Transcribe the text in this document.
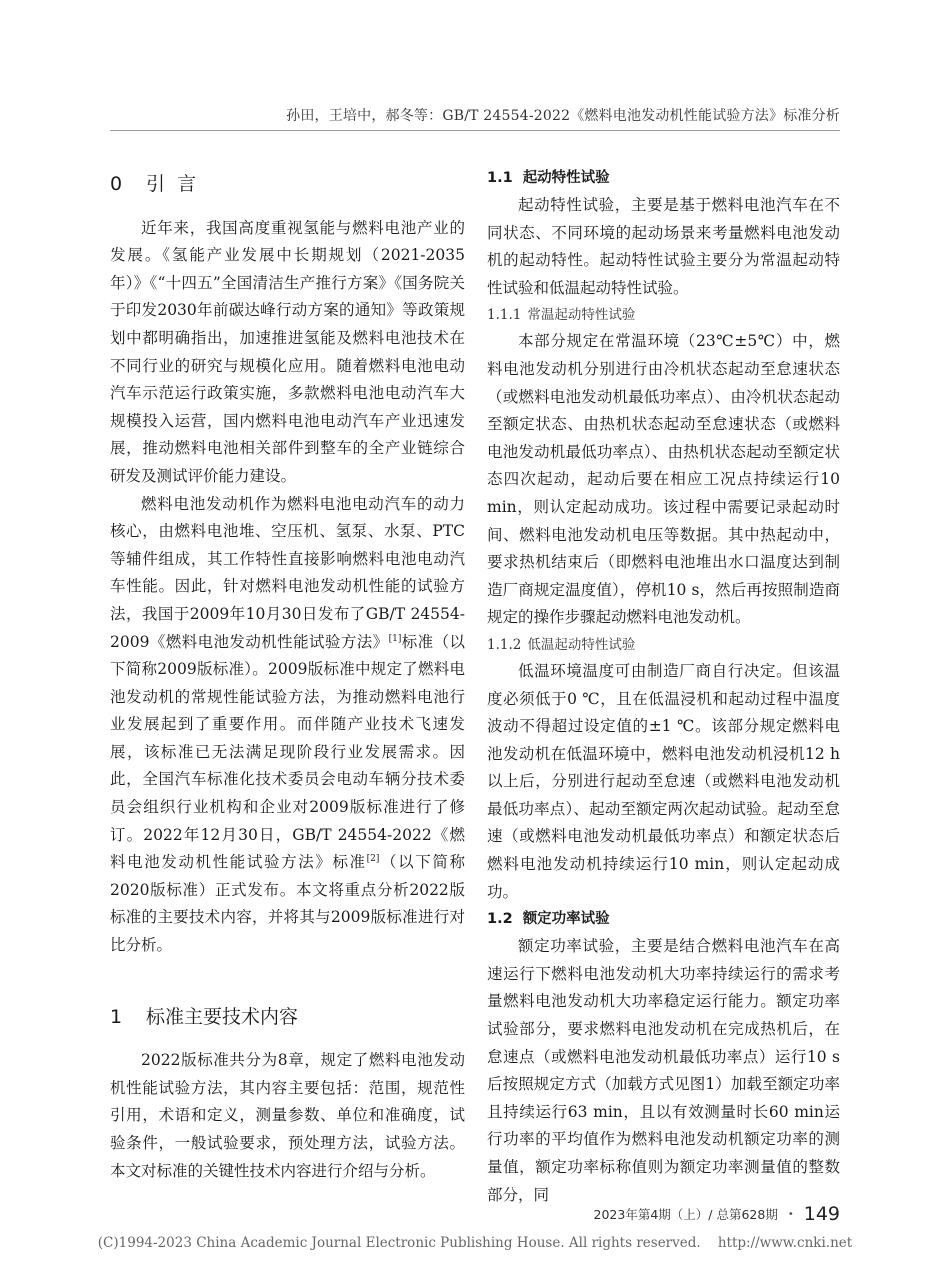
孙田，王培中，郝冬等：GB/T 24554-2022《燃料电池发动机性能试验方法》标准分析
0 引  言

近年来，我国高度重视氢能与燃料电池产业的发展。《氢能产业发展中长期规划（2021-2035年）》《“十四五”全国清洁生产推行方案》《国务院关于印发2030年前碳达峰行动方案的通知》等政策规划中都明确指出，加速推进氢能及燃料电池技术在不同行业的研究与规模化应用。随着燃料电池电动汽车示范运行政策实施，多款燃料电池电动汽车大规模投入运营，国内燃料电池电动汽车产业迅速发展，推动燃料电池相关部件到整车的全产业链综合研发及测试评价能力建设。

燃料电池发动机作为燃料电池电动汽车的动力核心，由燃料电池堆、空压机、氢泵、水泵、PTC等辅件组成，其工作特性直接影响燃料电池电动汽车性能。因此，针对燃料电池发动机性能的试验方法，我国于2009年10月30日发布了GB/T 24554-2009《燃料电池发动机性能试验方法》[1]标准（以下简称2009版标准）。2009版标准中规定了燃料电池发动机的常规性能试验方法，为推动燃料电池行业发展起到了重要作用。而伴随产业技术飞速发展，该标准已无法满足现阶段行业发展需求。因此，全国汽车标准化技术委员会电动车辆分技术委员会组织行业机构和企业对2009版标准进行了修订。2022年12月30日，GB/T 24554-2022《燃料电池发动机性能试验方法》标准[2]（以下简称2020版标准）正式发布。本文将重点分析2022版标准的主要技术内容，并将其与2009版标准进行对比分析。

1 标准主要技术内容

2022版标准共分为8章，规定了燃料电池发动机性能试验方法，其内容主要包括：范围，规范性引用，术语和定义，测量参数、单位和准确度，试验条件，一般试验要求，预处理方法，试验方法。本文对标准的关键性技术内容进行介绍与分析。

1.1 起动特性试验

起动特性试验，主要是基于燃料电池汽车在不同状态、不同环境的起动场景来考量燃料电池发动机的起动特性。起动特性试验主要分为常温起动特性试验和低温起动特性试验。

1.1.1 常温起动特性试验

本部分规定在常温环境（23℃±5℃）中，燃料电池发动机分别进行由冷机状态起动至怠速状态（或燃料电池发动机最低功率点）、由冷机状态起动至额定状态、由热机状态起动至怠速状态（或燃料电池发动机最低功率点）、由热机状态起动至额定状态四次起动，起动后要在相应工况点持续运行10 min，则认定起动成功。该过程中需要记录起动时间、燃料电池发动机电压等数据。其中热起动中，要求热机结束后（即燃料电池堆出水口温度达到制造厂商规定温度值），停机10 s，然后再按照制造商规定的操作步骤起动燃料电池发动机。

1.1.2 低温起动特性试验

低温环境温度可由制造厂商自行决定。但该温度必须低于0 ℃，且在低温浸机和起动过程中温度波动不得超过设定值的±1 ℃。该部分规定燃料电池发动机在低温环境中，燃料电池发动机浸机12 h以上后，分别进行起动至怠速（或燃料电池发动机最低功率点）、起动至额定两次起动试验。起动至怠速（或燃料电池发动机最低功率点）和额定状态后燃料电池发动机持续运行10 min，则认定起动成功。

1.2 额定功率试验

额定功率试验，主要是结合燃料电池汽车在高速运行下燃料电池发动机大功率持续运行的需求考量燃料电池发动机大功率稳定运行能力。额定功率试验部分，要求燃料电池发动机在完成热机后，在怠速点（或燃料电池发动机最低功率点）运行10 s后按照规定方式（加载方式见图1）加载至额定功率且持续运行63 min，且以有效测量时长60 min运行功率的平均值作为燃料电池发动机额定功率的测量值，额定功率标称值则为额定功率测量值的整数部分，同

2023年第4期（上）/ 总第628期 • 149
(C)1994-2023 China Academic Journal Electronic Publishing House. All rights reserved.    http://www.cnki.net
